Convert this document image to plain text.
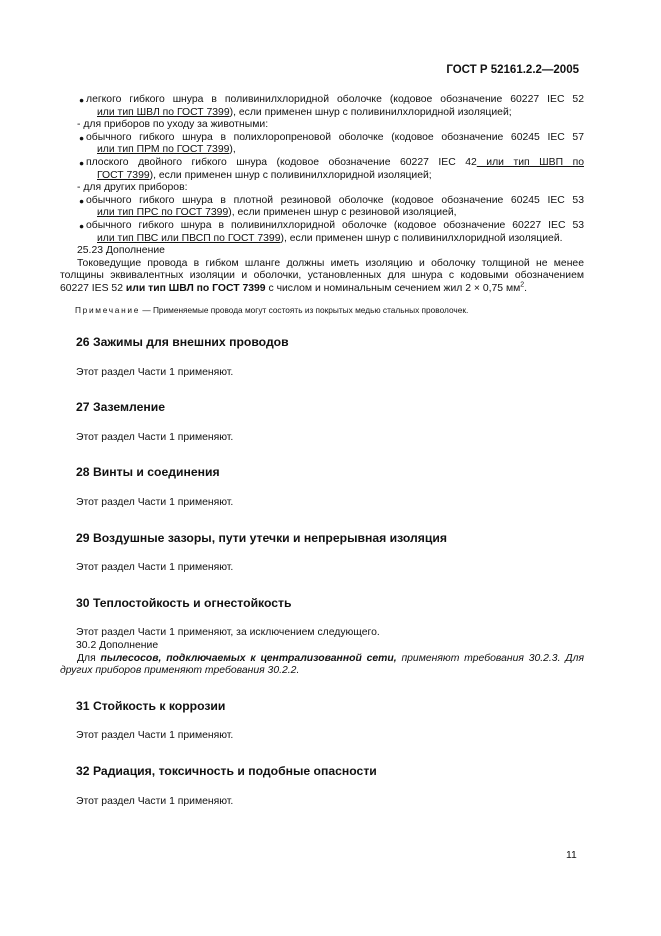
ГОСТ Р 52161.2.2—2005
● легкого гибкого шнура в поливинилхлоридной оболочке (кодовое обозначение 60227 IEC 52
или тип ШВЛ по ГОСТ 7399), если применен шнур с поливинилхлоридной изоляцией;
- для приборов по уходу за животными:
● обычного гибкого шнура в полихлоропреновой оболочке (кодовое обозначение 60245 IEC 57
или тип ПРМ по ГОСТ 7399),
● плоского двойного гибкого шнура (кодовое обозначение 60227 IEC 42 или тип ШВП по
ГОСТ 7399), если применен шнур с поливинилхлоридной изоляцией;
- для других приборов:
● обычного гибкого шнура в плотной резиновой оболочке (кодовое обозначение 60245 IEC 53
или тип ПРС по ГОСТ 7399), если применен шнур с резиновой изоляцией,
● обычного гибкого шнура в поливинилхлоридной оболочке (кодовое обозначение 60227 IEC 53
или тип ПВС или ПВСП по ГОСТ 7399), если применен шнур с поливинилхлоридной изоляцией.
25.23 Дополнение
Токоведущие провода в гибком шланге должны иметь изоляцию и оболочку толщиной не менее
толщины эквивалентных изоляции и оболочки, установленных для шнура с кодовыми обозначением
60227 IES 52 или тип ШВЛ по ГОСТ 7399 с числом и номинальным сечением жил 2 × 0,75 $мм^2$.
Примечание — Применяемые провода могут состоять из покрытых медью стальных проволочек.
26 Зажимы для внешних проводов
Этот раздел Части 1 применяют.
27 Заземление
Этот раздел Части 1 применяют.
28 Винты и соединения
Этот раздел Части 1 применяют.
29 Воздушные зазоры, пути утечки и непрерывная изоляция
Этот раздел Части 1 применяют.
30 Теплостойкость и огнестойкость
Этот раздел Части 1 применяют, за исключением следующего.
30.2 Дополнение
Для пылесосов, подключаемых к централизованной сети, применяют требования 30.2.3. Для
других приборов применяют требования 30.2.2.
31 Стойкость к коррозии
Этот раздел Части 1 применяют.
32 Радиация, токсичность и подобные опасности
Этот раздел Части 1 применяют.
11
